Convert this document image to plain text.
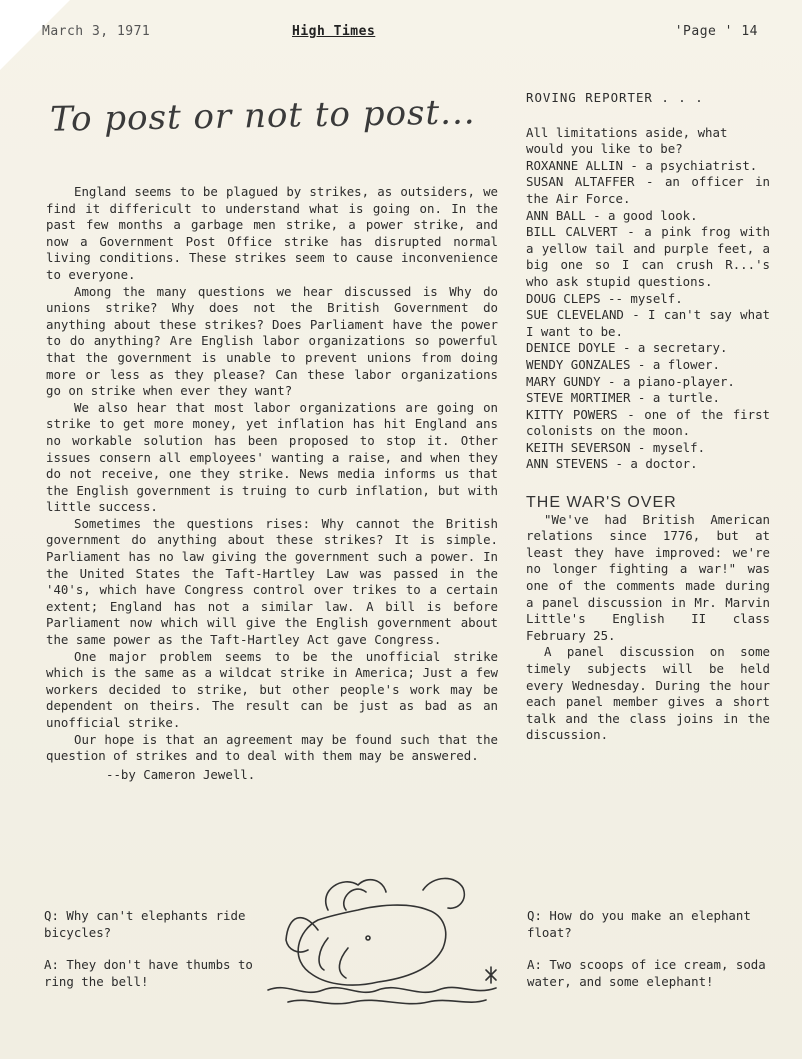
March 3, 1971	High Times	'Page ' 14
To post or not to post...

England seems to be plagued by strikes, as outsiders, we find it differicult to understand what is going on. In the past few months a garbage men strike, a power strike, and now a Government Post Office strike has disrupted normal living conditions. These strikes seem to cause inconvenience to everyone.

Among the many questions we hear discussed is Why do unions strike? Why does not the British Government do anything about these strikes? Does Parliament have the power to do anything? Are English labor organizations so powerful that the government is unable to prevent unions from doing more or less as they please? Can these labor organizations go on strike when ever they want?

We also hear that most labor organizations are going on strike to get more money, yet inflation has hit England ans no workable solution has been proposed to stop it. Other issues consern all employees' wanting a raise, and when they do not receive, one they strike. News media informs us that the English government is truing to curb inflation, but with little success.

Sometimes the questions rises: Why cannot the British government do anything about these strikes? It is simple. Parliament has no law giving the government such a power. In the United States the Taft-Hartley Law was passed in the '40's, which have Congress control over trikes to a certain extent; England has not a similar law. A bill is before Parliament now which will give the English government about the same power as the Taft-Hartley Act gave Congress.

One major problem seems to be the unofficial strike which is the same as a wildcat strike in America; Just a few workers decided to strike, but other people's work may be dependent on theirs. The result can be just as bad as an unofficial strike.

Our hope is that an agreement may be found such that the question of strikes and to deal with them may be answered.

--by Cameron Jewell.
ROVING REPORTER . . .

All limitations aside, what would you like to be?

ROXANNE ALLIN - a psychiatrist.

SUSAN ALTAFFER - an officer in the Air Force.

ANN BALL - a good look.

BILL CALVERT - a pink frog with a yellow tail and purple feet, a big one so I can crush R...'s who ask stupid questions.

DOUG CLEPS -- myself.

SUE CLEVELAND - I can't say what I want to be.

DENICE DOYLE - a secretary.

WENDY GONZALES - a flower.

MARY GUNDY - a piano-player.

STEVE MORTIMER - a turtle.

KITTY POWERS - one of the first colonists on the moon.

KEITH SEVERSON - myself.

ANN STEVENS - a doctor.

THE WAR'S OVER

"We've had British American relations since 1776, but at least they have improved: we're no longer fighting a war!" was one of the comments made during a panel discussion in Mr. Marvin Little's English II class February 25.

A panel discussion on some timely subjects will be held every Wednesday. During the hour each panel member gives a short talk and the class joins in the discussion.

Q: Why can't elephants ride bicycles?

A: They don't have thumbs to ring the bell!

Q: How do you make an elephant float?

A: Two scoops of ice cream, soda water, and some elephant!
